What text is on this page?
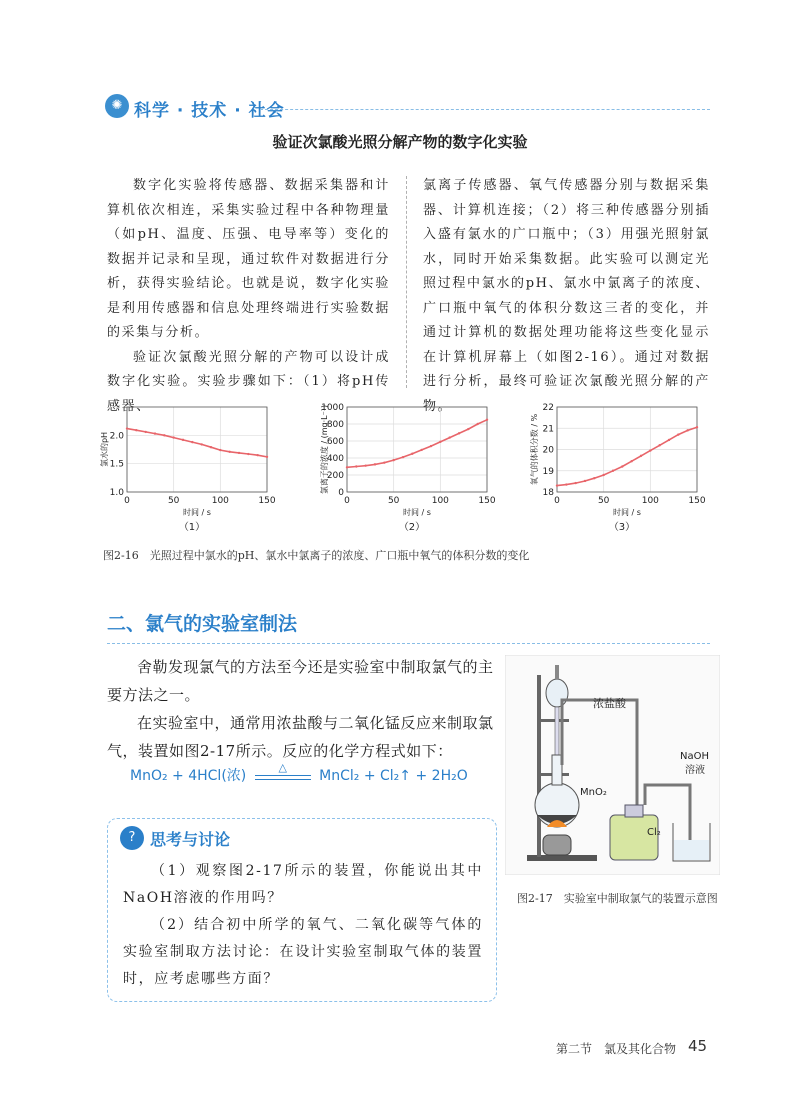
✺ 科学 · 技术 · 社会
验证次氯酸光照分解产物的数字化实验

数字化实验将传感器、数据采集器和计算机依次相连，采集实验过程中各种物理量（如pH、温度、压强、电导率等）变化的数据并记录和呈现，通过软件对数据进行分析，获得实验结论。也就是说，数字化实验是利用传感器和信息处理终端进行实验数据的采集与分析。

验证次氯酸光照分解的产物可以设计成数字化实验。实验步骤如下：（1）将pH传感器、

氯离子传感器、氧气传感器分别与数据采集器、计算机连接；（2）将三种传感器分别插入盛有氯水的广口瓶中；（3）用强光照射氯水，同时开始采集数据。此实验可以测定光照过程中氯水的pH、氯水中氯离子的浓度、广口瓶中氧气的体积分数这三者的变化，并通过计算机的数据处理功能将这些变化显示在计算机屏幕上（如图2-16）。通过对数据进行分析，最终可验证次氯酸光照分解的产物。

0	50	100	150
1.0
1.5
2.0
时间 / s
氯水的pH
（1）
0	50	100	150
0
200
400
600
800
1000
时间 / s
氯离子的浓度 / (mg·L⁻¹)
（2）
0	50	100	150
18
19
20
21
22
时间 / s
氧气的体积分数 / %
（3）
图2-16　光照过程中氯水的pH、氯水中氯离子的浓度、广口瓶中氧气的体积分数的变化
二、氯气的实验室制法

舍勒发现氯气的方法至今还是实验室中制取氯气的主要方法之一。

在实验室中，通常用浓盐酸与二氧化锰反应来制取氯气，装置如图2-17所示。反应的化学方程式如下：

MnO₂ + 4HCl(浓)
△
MnCl₂ + Cl₂↑ + 2H₂O
? 思考与讨论

（1）观察图2-17所示的装置，你能说出其中NaOH溶液的作用吗？

（2）结合初中所学的氧气、二氧化碳等气体的实验室制取方法讨论：在设计实验室制取气体的装置时，应考虑哪些方面？

浓盐酸
MnO₂
Cl₂
NaOH
溶液
图2-17　实验室中制取氯气的装置示意图
第二节　氯及其化合物 45
